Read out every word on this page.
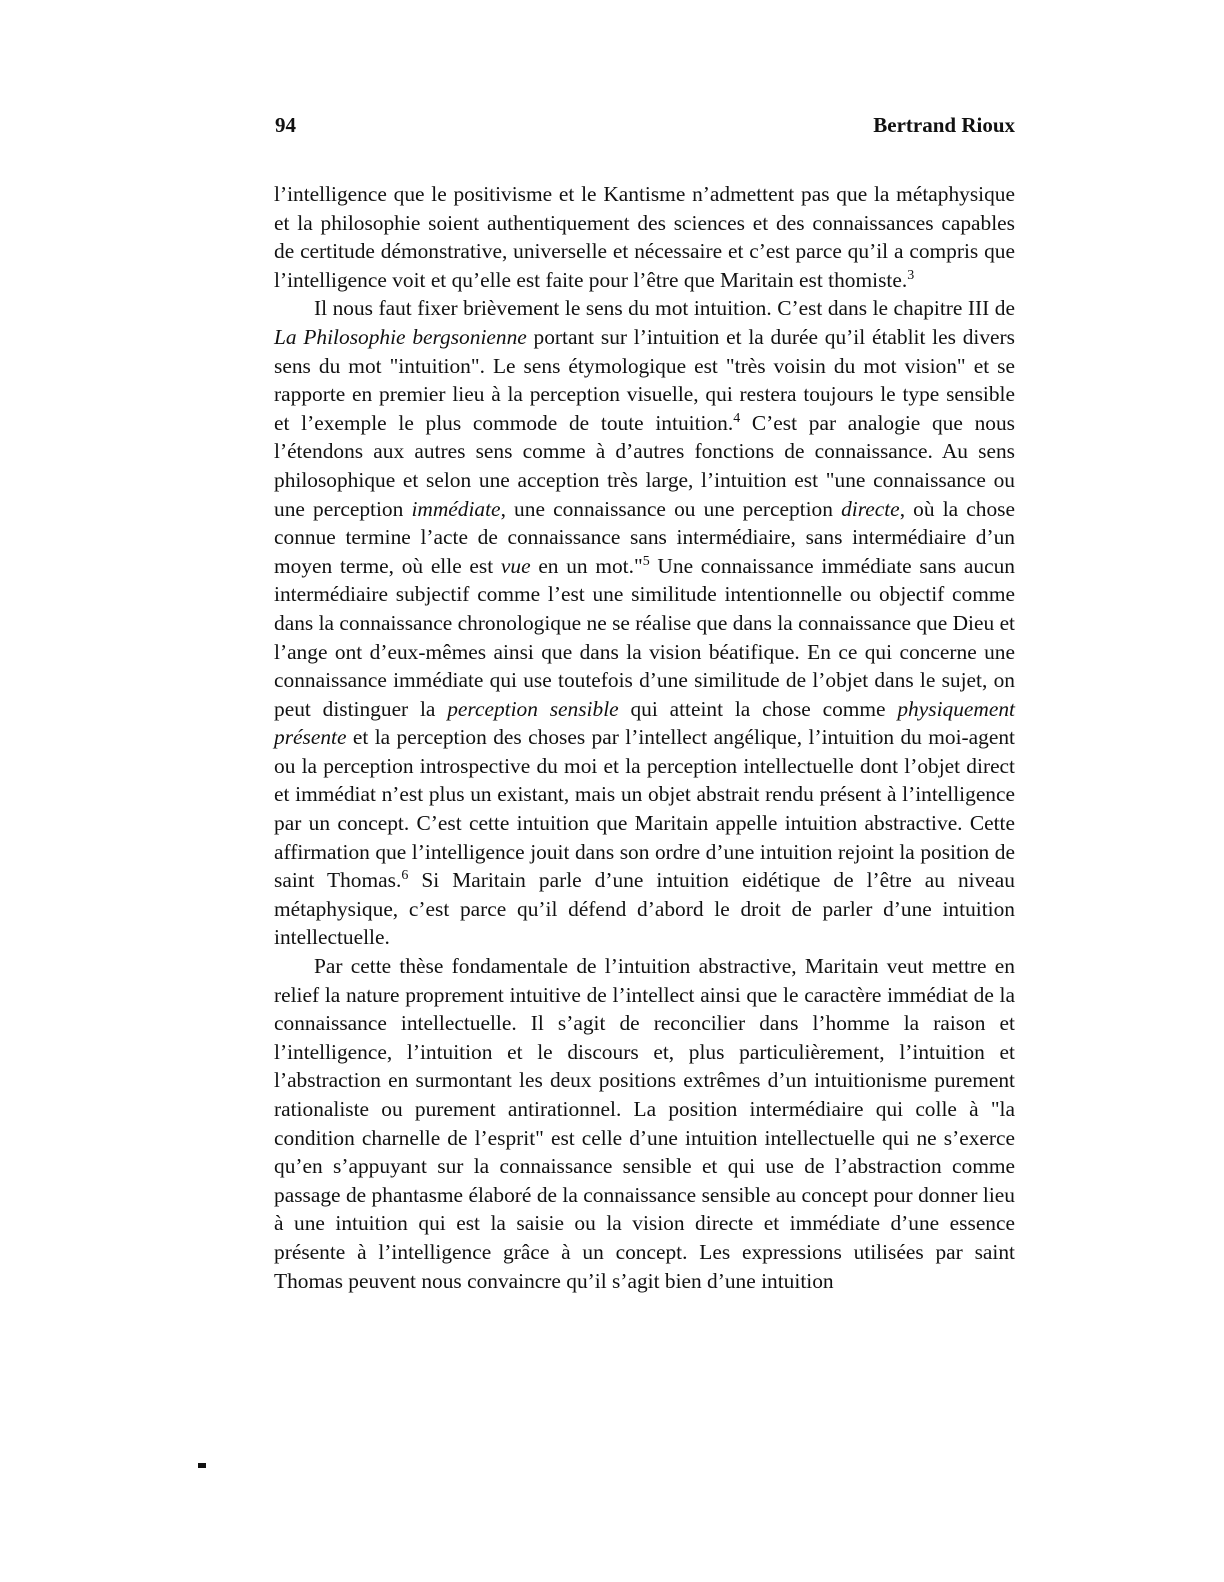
94	Bertrand Rioux

l’intelligence que le positivisme et le Kantisme n’admettent pas que la métaphysique et la philosophie soient authentiquement des sciences et des connaissances capables de certitude démonstrative, universelle et nécessaire et c’est parce qu’il a compris que l’intelligence voit et qu’elle est faite pour l’être que Maritain est thomiste.$^3$

Il nous faut fixer brièvement le sens du mot intuition. C’est dans le chapitre III de La Philosophie bergsonienne portant sur l’intuition et la durée qu’il établit les divers sens du mot "intuition". Le sens étymologique est "très voisin du mot vision" et se rapporte en premier lieu à la perception visuelle, qui restera toujours le type sensible et l’exemple le plus commode de toute intuition.$^4$ C’est par analogie que nous l’étendons aux autres sens comme à d’autres fonctions de connaissance. Au sens philosophique et selon une acception très large, l’intuition est "une connaissance ou une perception immédiate, une connaissance ou une perception directe, où la chose connue termine l’acte de connaissance sans intermédiaire, sans intermédiaire d’un moyen terme, où elle est vue en un mot."$^5$ Une connaissance immédiate sans aucun intermédiaire subjectif comme l’est une similitude intentionnelle ou objectif comme dans la connaissance chronologique ne se réalise que dans la connaissance que Dieu et l’ange ont d’eux-mêmes ainsi que dans la vision béatifique. En ce qui concerne une connaissance immédiate qui use toutefois d’une similitude de l’objet dans le sujet, on peut distinguer la perception sensible qui atteint la chose comme physiquement présente et la perception des choses par l’intellect angélique, l’intuition du moi-agent ou la perception introspective du moi et la perception intellectuelle dont l’objet direct et immédiat n’est plus un existant, mais un objet abstrait rendu présent à l’intelligence par un concept. C’est cette intuition que Maritain appelle intuition abstractive. Cette affirmation que l’intelligence jouit dans son ordre d’une intuition rejoint la position de saint Thomas.$^6$ Si Maritain parle d’une intuition eidétique de l’être au niveau métaphysique, c’est parce qu’il défend d’abord le droit de parler d’une intuition intellectuelle.

Par cette thèse fondamentale de l’intuition abstractive, Maritain veut mettre en relief la nature proprement intuitive de l’intellect ainsi que le caractère immédiat de la connaissance intellectuelle. Il s’agit de reconcilier dans l’homme la raison et l’intelligence, l’intuition et le discours et, plus particulièrement, l’intuition et l’abstraction en surmontant les deux positions extrêmes d’un intuitionisme purement rationaliste ou purement antirationnel. La position intermédiaire qui colle à "la condition charnelle de l’esprit" est celle d’une intuition intellectuelle qui ne s’exerce qu’en s’appuyant sur la connaissance sensible et qui use de l’abstraction comme passage de phantasme élaboré de la connaissance sensible au concept pour donner lieu à une intuition qui est la saisie ou la vision directe et immédiate d’une essence présente à l’intelligence grâce à un concept. Les expressions utilisées par saint Thomas peuvent nous convaincre qu’il s’agit bien d’une intuition
